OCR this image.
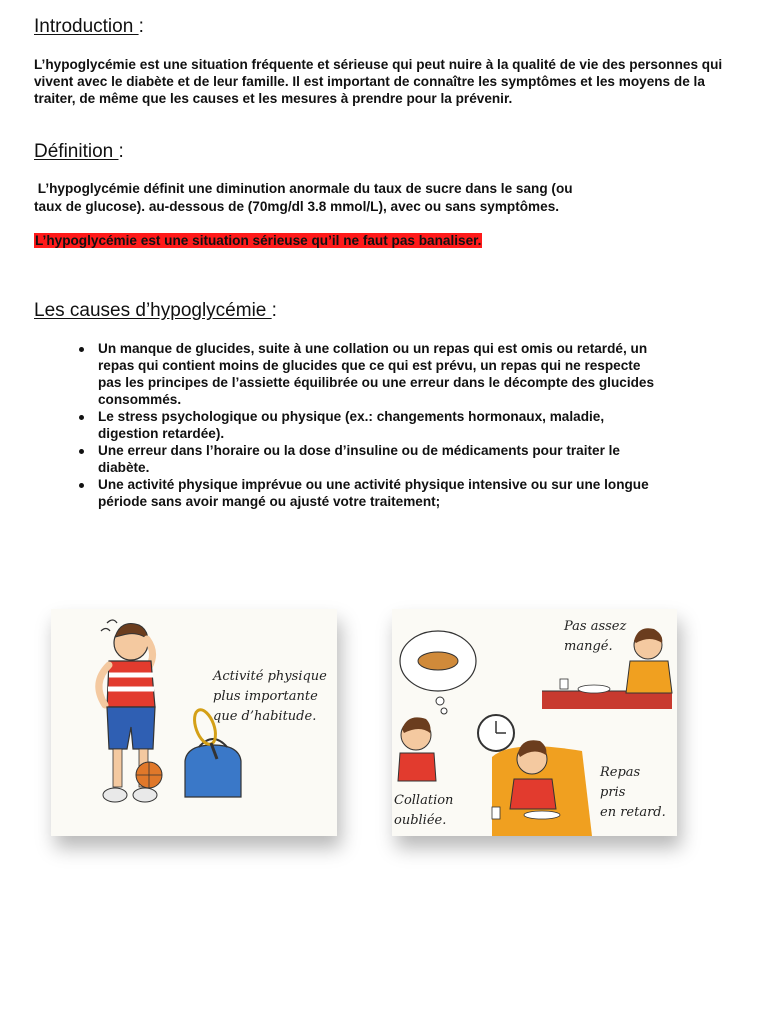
Introduction :

L’hypoglycémie est une situation fréquente et sérieuse qui peut nuire à la qualité de vie des personnes qui vivent avec le diabète et de leur famille. Il est important de connaître les symptômes et les moyens de la traiter, de même que les causes et les mesures à prendre pour la prévenir.

Définition :

L’hypoglycémie définit une diminution anormale du taux de sucre dans le sang (ou

taux de glucose). au-dessous de (70mg/dl 3.8 mmol/L), avec ou sans symptômes.

L’hypoglycémie est une situation sérieuse qu’il ne faut pas banaliser.

Les causes d’hypoglycémie :
Un manque de glucides, suite à une collation ou un repas qui est omis ou retardé, un repas qui contient moins de glucides que ce qui est prévu, un repas qui ne respecte pas les principes de l’assiette équilibrée ou une erreur dans le décompte des glucides consommés.
Le stress psychologique ou physique (ex.: changements hormonaux, maladie, digestion retardée).
Une erreur dans l’horaire ou la dose d’insuline ou de médicaments pour traiter le diabète.
Une activité physique imprévue ou une activité physique intensive ou sur une longue période sans avoir mangé ou ajusté votre traitement;
Activité physique
plus importante
que d’habitude.
Pas assez
mangé.
Collation
oubliée.
Repas
pris
en retard.
